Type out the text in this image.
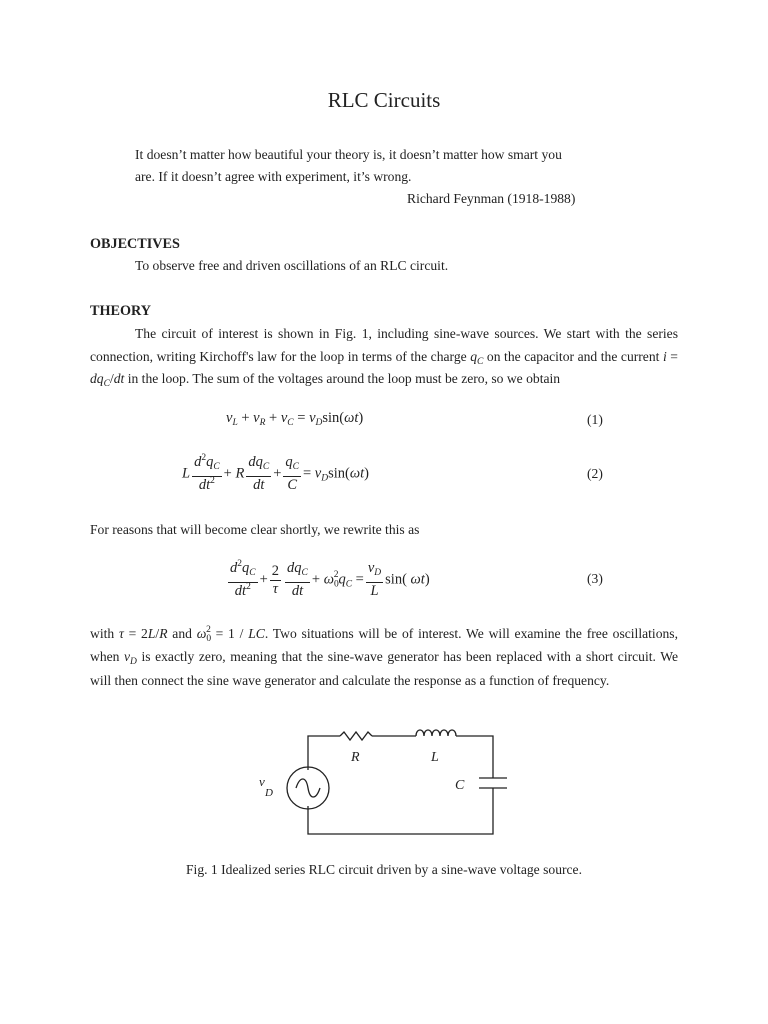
RLC Circuits
It doesn’t matter how beautiful your theory is, it doesn’t matter how smart you
are. If it doesn’t agree with experiment, it’s wrong.
Richard Feynman (1918-1988)
OBJECTIVES
To observe free and driven oscillations of an RLC circuit.
THEORY
The circuit of interest is shown in Fig. 1, including sine-wave sources. We start with the series connection, writing Kirchoff's law for the loop in terms of the charge $q_C$ on the capacitor and the current $i = dq_C/dt$ in the loop. The sum of the voltages around the loop must be zero, so we obtain
$v_L + v_R + v_C = v_D\sin(\omega t)$	(1)
L $\frac{d^2q_C}{dt^2} + R \frac{dq_C}{dt} + \frac{q_C}{C} = v_D\sin(\omega t)$	(2)
For reasons that will become clear shortly, we rewrite this as
$\frac{d^2q_C}{dt^2} + \frac{2}{\tau} \frac{dq_C}{dt} + \omega_0^2q_C = \frac{v_D}{L} \sin$( ωt)	(3)
with τ = 2L/R and $\omega_0^2 = 1$ / LC. Two situations will be of interest. We will examine the free oscillations, when $v_D$ is exactly zero, meaning that the sine-wave generator has been replaced with a short circuit. We will then connect the sine wave generator and calculate the response as a function of frequency.
R	L
C
v
D
Fig. 1 Idealized series RLC circuit driven by a sine-wave voltage source.
